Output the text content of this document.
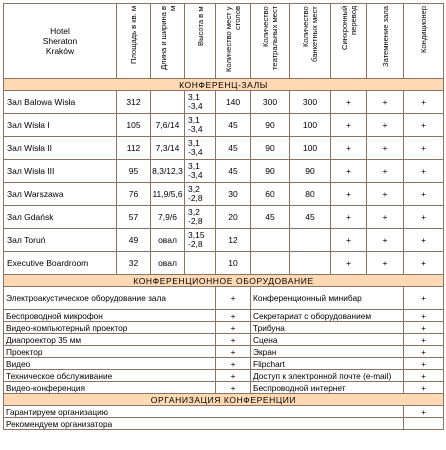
Hotel
Sheraton
Kraków	Площадь в кв. м	Длина и ширина в м	Высота в м	Количество мест у столов	Количество театральных мест	Количество банкетных мест	Синхронный перевод	Затемнение зала	Кондиционер
КОНФЕРЕНЦ-ЗАЛЫ									
Зал Balowa Wisła	312		3,1 -3,4	140	300	300	+	+	+
Зал Wisła I	105	7,6/14	3,1 -3,4	45	90	100	+	+	+
Зал Wisła II	112	7,3/14	3,1 -3,4	45	90	100	+	+	+
Зал Wisła III	95	8,3/12,3	3,1 -3,4	45	90	90	+	+	+
Зал Warszawa	76	11,9/5,6	3,2 -2,8	30	60	80	+	+	+
Зал Gdańsk	57	7,9/6	3,2 -2,8	20	45	45	+	+	+
Зал Toruń	49	овал	3,15 -2,8	12			+	+	+
Executive Boardroom	32	овал		10			+	+	+
КОНФЕРЕНЦИОННОЕ ОБОРУДОВАНИЕ									
Электроакустическое оборудование зала				+	Конференционный минибар				+
Беспроводной микрофон				+	Секретариат с оборудованием				+
Видео-компьютерный проектор				+	Трибуна				+
Диапроектор 35 мм				+	Сцена				+
Проектор				+	Экран				+
Видео				+	Flipchart				+
Техническое обслуживание				+	Доступ к электронной почте (e-mail)				+
Видео-конференция				+	Беспроводной интернет				+
ОРГАНИЗАЦИЯ КОНФЕРЕНЦИИ									
Гарантируем организацию									+
Рекомендуем организатора									
